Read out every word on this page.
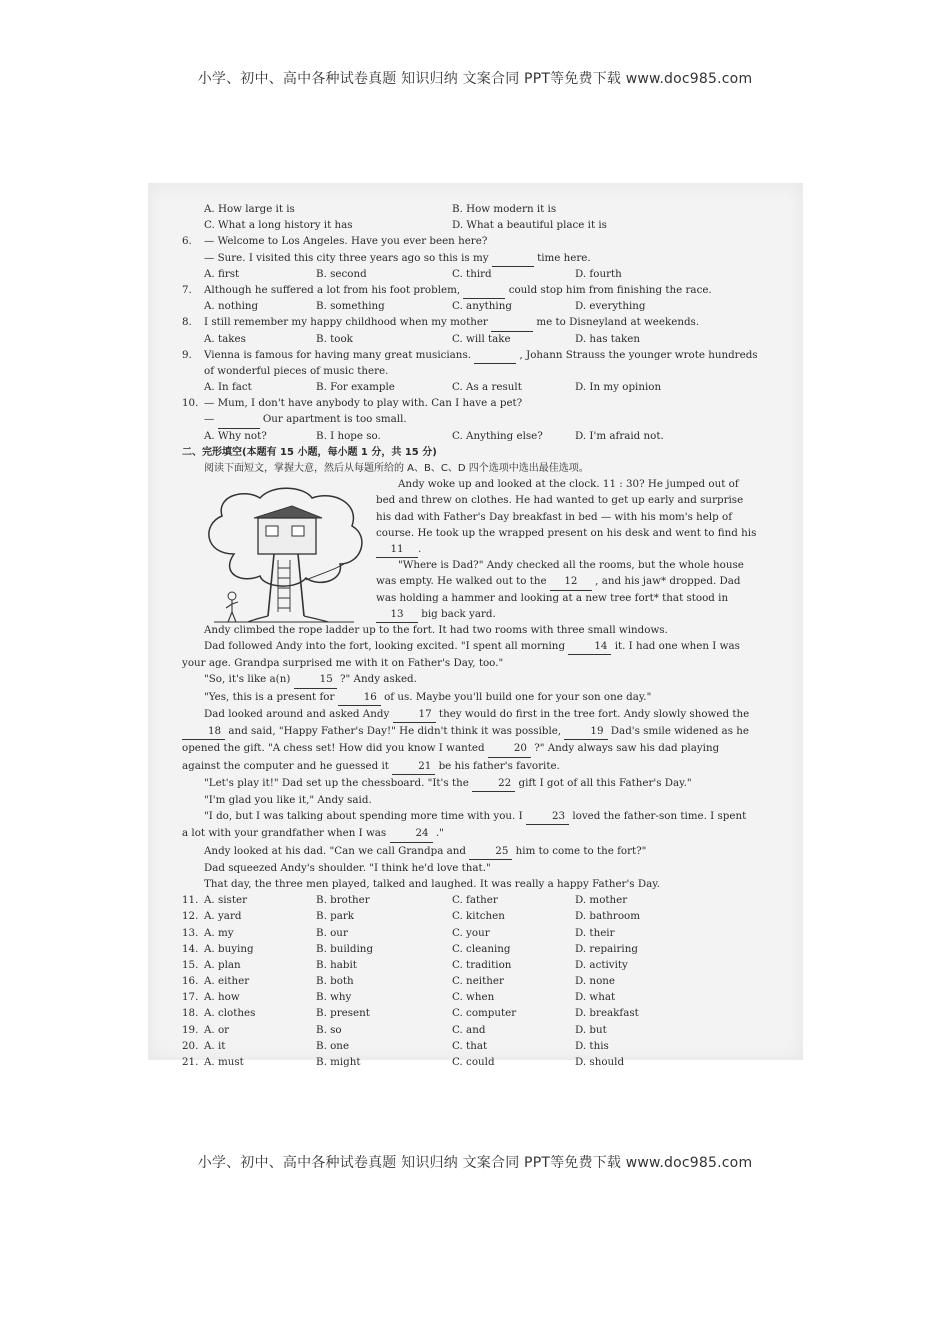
小学、初中、高中各种试卷真题 知识归纳 文案合同 PPT等免费下载 www.doc985.com
A. How large it is	B. How modern it is
C. What a long history it has	D. What a beautiful place it is
6.	— Welcome to Los Angeles. Have you ever been here?
— Sure. I visited this city three years ago so this is my	time here.
A. first	B. second	C. third	D. fourth
7.	Although he suffered a lot from his foot problem,	could stop him from finishing the race.
A. nothing	B. something	C. anything	D. everything
8.	I still remember my happy childhood when my mother	me to Disneyland at weekends.
A. takes	B. took	C. will take	D. has taken
9.	Vienna is famous for having many great musicians.	, Johann Strauss the younger wrote hundreds
of wonderful pieces of music there.
A. In fact	B. For example	C. As a result	D. In my opinion
10. — Mum, I don't have anybody to play with. Can I have a pet?
—	Our apartment is too small.
A. Why not?	B. I hope so.	C. Anything else?	D. I'm afraid not.
二、完形填空(本题有 15 小题，每小题 1 分，共 15 分)
阅读下面短文，掌握大意，然后从每题所给的 A、B、C、D 四个选项中选出最佳选项。
Andy woke up and looked at the clock. 11 : 30? He jumped out of
bed and threw on clothes. He had wanted to get up early and surprise
his dad with Father's Day breakfast in bed — with his mom's help of
course. He took up the wrapped present on his desk and went to find his
11 .
"Where is Dad?" Andy checked all the rooms, but the whole house
was empty. He walked out to the 12 , and his jaw* dropped. Dad
was holding a hammer and looking at a new tree fort* that stood in
13 big back yard.
Andy climbed the rope ladder up to the fort. It had two rooms with three small windows.
Dad followed Andy into the fort, looking excited. "I spent all morning	14 it. I had one when I was your age. Grandpa surprised me with it on Father's Day, too."
"So, it's like a(n)	15 ?" Andy asked.
"Yes, this is a present for	16 of us. Maybe you'll build one for your son one day."
Dad looked around and asked Andy	17 they would do first in the tree fort. Andy slowly showed the 18 and said, "Happy Father's Day!" He didn't think it was possible,	19 Dad's smile widened as he opened the gift. "A chess set! How did you know I wanted	20 ?" Andy always saw his dad playing against the computer and he guessed it	21 be his father's favorite.
"Let's play it!" Dad set up the chessboard. "It's the	22 gift I got of all this Father's Day."
"I'm glad you like it," Andy said.
"I do, but I was talking about spending more time with you. I	23 loved the father-son time. I spent a lot with your grandfather when I was	24 ."
Andy looked at his dad. "Can we call Grandpa and	25 him to come to the fort?"
Dad squeezed Andy's shoulder. "I think he'd love that."
That day, the three men played, talked and laughed. It was really a happy Father's Day.
11. A. sister	B. brother	C. father	D. mother
12. A. yard	B. park	C. kitchen	D. bathroom
13. A. my	B. our	C. your	D. their
14. A. buying	B. building	C. cleaning	D. repairing
15. A. plan	B. habit	C. tradition	D. activity
16. A. either	B. both	C. neither	D. none
17. A. how	B. why	C. when	D. what
18. A. clothes	B. present	C. computer	D. breakfast
19. A. or	B. so	C. and	D. but
20. A. it	B. one	C. that	D. this
21. A. must	B. might	C. could	D. should
小学、初中、高中各种试卷真题 知识归纳 文案合同 PPT等免费下载 www.doc985.com
